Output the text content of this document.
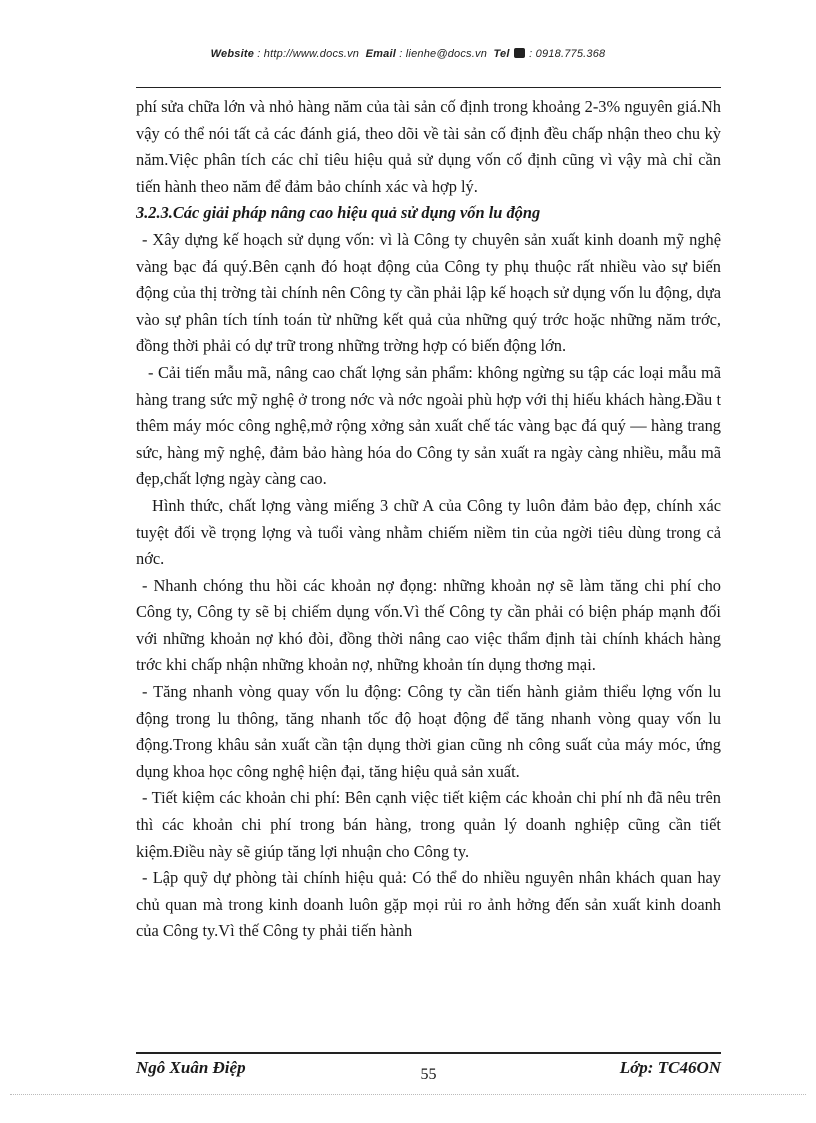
Website : http://www.docs.vn Email : lienhe@docs.vn Tel : 0918.775.368

phí sửa chữa lớn và nhỏ hàng năm của tài sản cố định trong khoảng 2-3% nguyên giá.Nh vậy có thể nói tất cả các đánh giá, theo dõi về tài sản cố định đều chấp nhận theo chu kỳ năm.Việc phân tích các chỉ tiêu hiệu quả sử dụng vốn cố định cũng vì vậy mà chỉ cần tiến hành theo năm để đảm bảo chính xác và hợp lý.

3.2.3.Các giải pháp nâng cao hiệu quả sử dụng vốn lu động

- Xây dựng kế hoạch sử dụng vốn: vì là Công ty chuyên sản xuất kinh doanh mỹ nghệ vàng bạc đá quý.Bên cạnh đó hoạt động của Công ty phụ thuộc rất nhiều vào sự biến động của thị trờng tài chính nên Công ty cần phải lập kế hoạch sử dụng vốn lu động, dựa vào sự phân tích tính toán từ những kết quả của những quý trớc hoặc những năm trớc, đồng thời phải có dự trữ trong những trờng hợp có biến động lớn.

- Cải tiến mẫu mã, nâng cao chất lợng sản phẩm: không ngừng su tập các loại mẫu mã hàng trang sức mỹ nghệ ở trong nớc và nớc ngoài phù hợp với thị hiếu khách hàng.Đầu t thêm máy móc công nghệ,mở rộng xởng sản xuất chế tác vàng bạc đá quý — hàng trang sức, hàng mỹ nghệ, đảm bảo hàng hóa do Công ty sản xuất ra ngày càng nhiều, mẫu mã đẹp,chất lợng ngày càng cao.

Hình thức, chất lợng vàng miếng 3 chữ A của Công ty luôn đảm bảo đẹp, chính xác tuyệt đối về trọng lợng và tuổi vàng nhằm chiếm niềm tin của ngời tiêu dùng trong cả nớc.

- Nhanh chóng thu hồi các khoản nợ đọng: những khoản nợ sẽ làm tăng chi phí cho Công ty, Công ty sẽ bị chiếm dụng vốn.Vì thế Công ty cần phải có biện pháp mạnh đối với những khoản nợ khó đòi, đồng thời nâng cao việc thẩm định tài chính khách hàng trớc khi chấp nhận những khoản nợ, những khoản tín dụng thơng mại.

- Tăng nhanh vòng quay vốn lu động: Công ty cần tiến hành giảm thiểu lợng vốn lu động trong lu thông, tăng nhanh tốc độ hoạt động để tăng nhanh vòng quay vốn lu động.Trong khâu sản xuất cần tận dụng thời gian cũng nh công suất của máy móc, ứng dụng khoa học công nghệ hiện đại, tăng hiệu quả sản xuất.

- Tiết kiệm các khoản chi phí: Bên cạnh việc tiết kiệm các khoản chi phí nh đã nêu trên thì các khoản chi phí trong bán hàng, trong quản lý doanh nghiệp cũng cần tiết kiệm.Điều này sẽ giúp tăng lợi nhuận cho Công ty.

- Lập quỹ dự phòng tài chính hiệu quả: Có thể do nhiều nguyên nhân khách quan hay chủ quan mà trong kinh doanh luôn gặp mọi rủi ro ảnh hởng đến sản xuất kinh doanh của Công ty.Vì thế Công ty phải tiến hành

Ngô Xuân Điệp	55	Lớp: TC46ON
